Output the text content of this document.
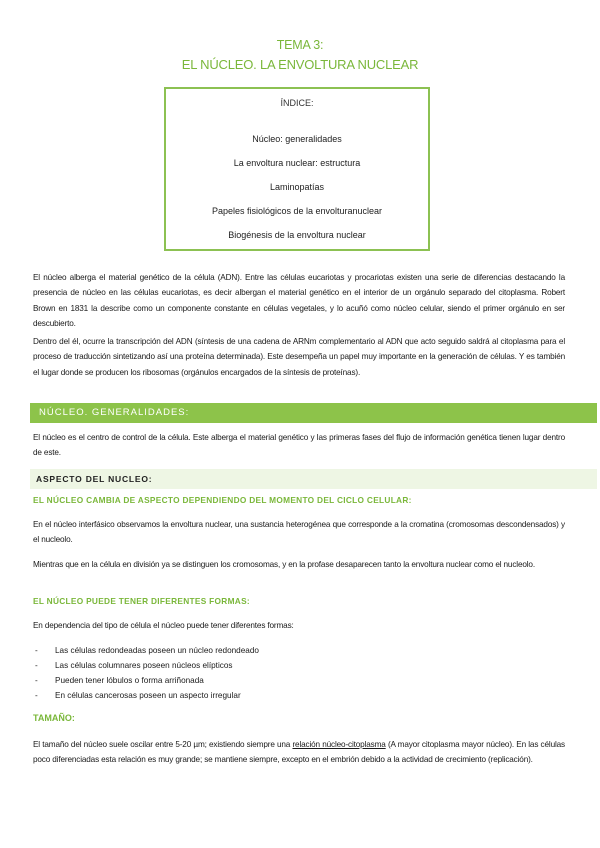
TEMA 3:
EL NÚCLEO. LA ENVOLTURA NUCLEAR
ÍNDICE:
Núcleo: generalidades
La envoltura nuclear: estructura
Laminopatías
Papeles fisiológicos de la envolturanuclear
Biogénesis de la envoltura nuclear
El núcleo alberga el material genético de la célula (ADN). Entre las células eucariotas y procariotas existen una serie de diferencias destacando la presencia de núcleo en las células eucariotas, es decir albergan el material genético en el interior de un orgánulo separado del citoplasma. Robert Brown en 1831 la describe como un componente constante en células vegetales, y lo acuñó como núcleo celular, siendo el primer orgánulo en ser descubierto.
Dentro del él, ocurre la transcripción del ADN (síntesis de una cadena de ARNm complementario al ADN que acto seguido saldrá al citoplasma para el proceso de traducción sintetizando así una proteína determinada). Este desempeña un papel muy importante en la generación de células. Y es también el lugar donde se producen los ribosomas (orgánulos encargados de la síntesis de proteínas).
NÚCLEO. GENERALIDADES:
El núcleo es el centro de control de la célula. Este alberga el material genético y las primeras fases del flujo de información genética tienen lugar dentro de este.
ASPECTO DEL NUCLEO:
EL NÚCLEO CAMBIA DE ASPECTO DEPENDIENDO DEL MOMENTO DEL CICLO CELULAR:
En el núcleo interfásico observamos la envoltura nuclear, una sustancia heterogénea que corresponde a la cromatina (cromosomas descondensados) y el nucleolo.
Mientras que en la célula en división ya se distinguen los cromosomas, y en la profase desaparecen tanto la envoltura nuclear como el nucleolo.
EL NÚCLEO PUEDE TENER DIFERENTES FORMAS:
En dependencia del tipo de célula el núcleo puede tener diferentes formas:
- Las células redondeadas poseen un núcleo redondeado
- Las células columnares poseen núcleos elípticos
- Pueden tener lóbulos o forma arriñonada
- En células cancerosas poseen un aspecto irregular
TAMAÑO:
El tamaño del núcleo suele oscilar entre 5-20 µm; existiendo siempre una relación núcleo-citoplasma (A mayor citoplasma mayor núcleo). En las células poco diferenciadas esta relación es muy grande; se mantiene siempre, excepto en el embrión debido a la actividad de crecimiento (replicación).
